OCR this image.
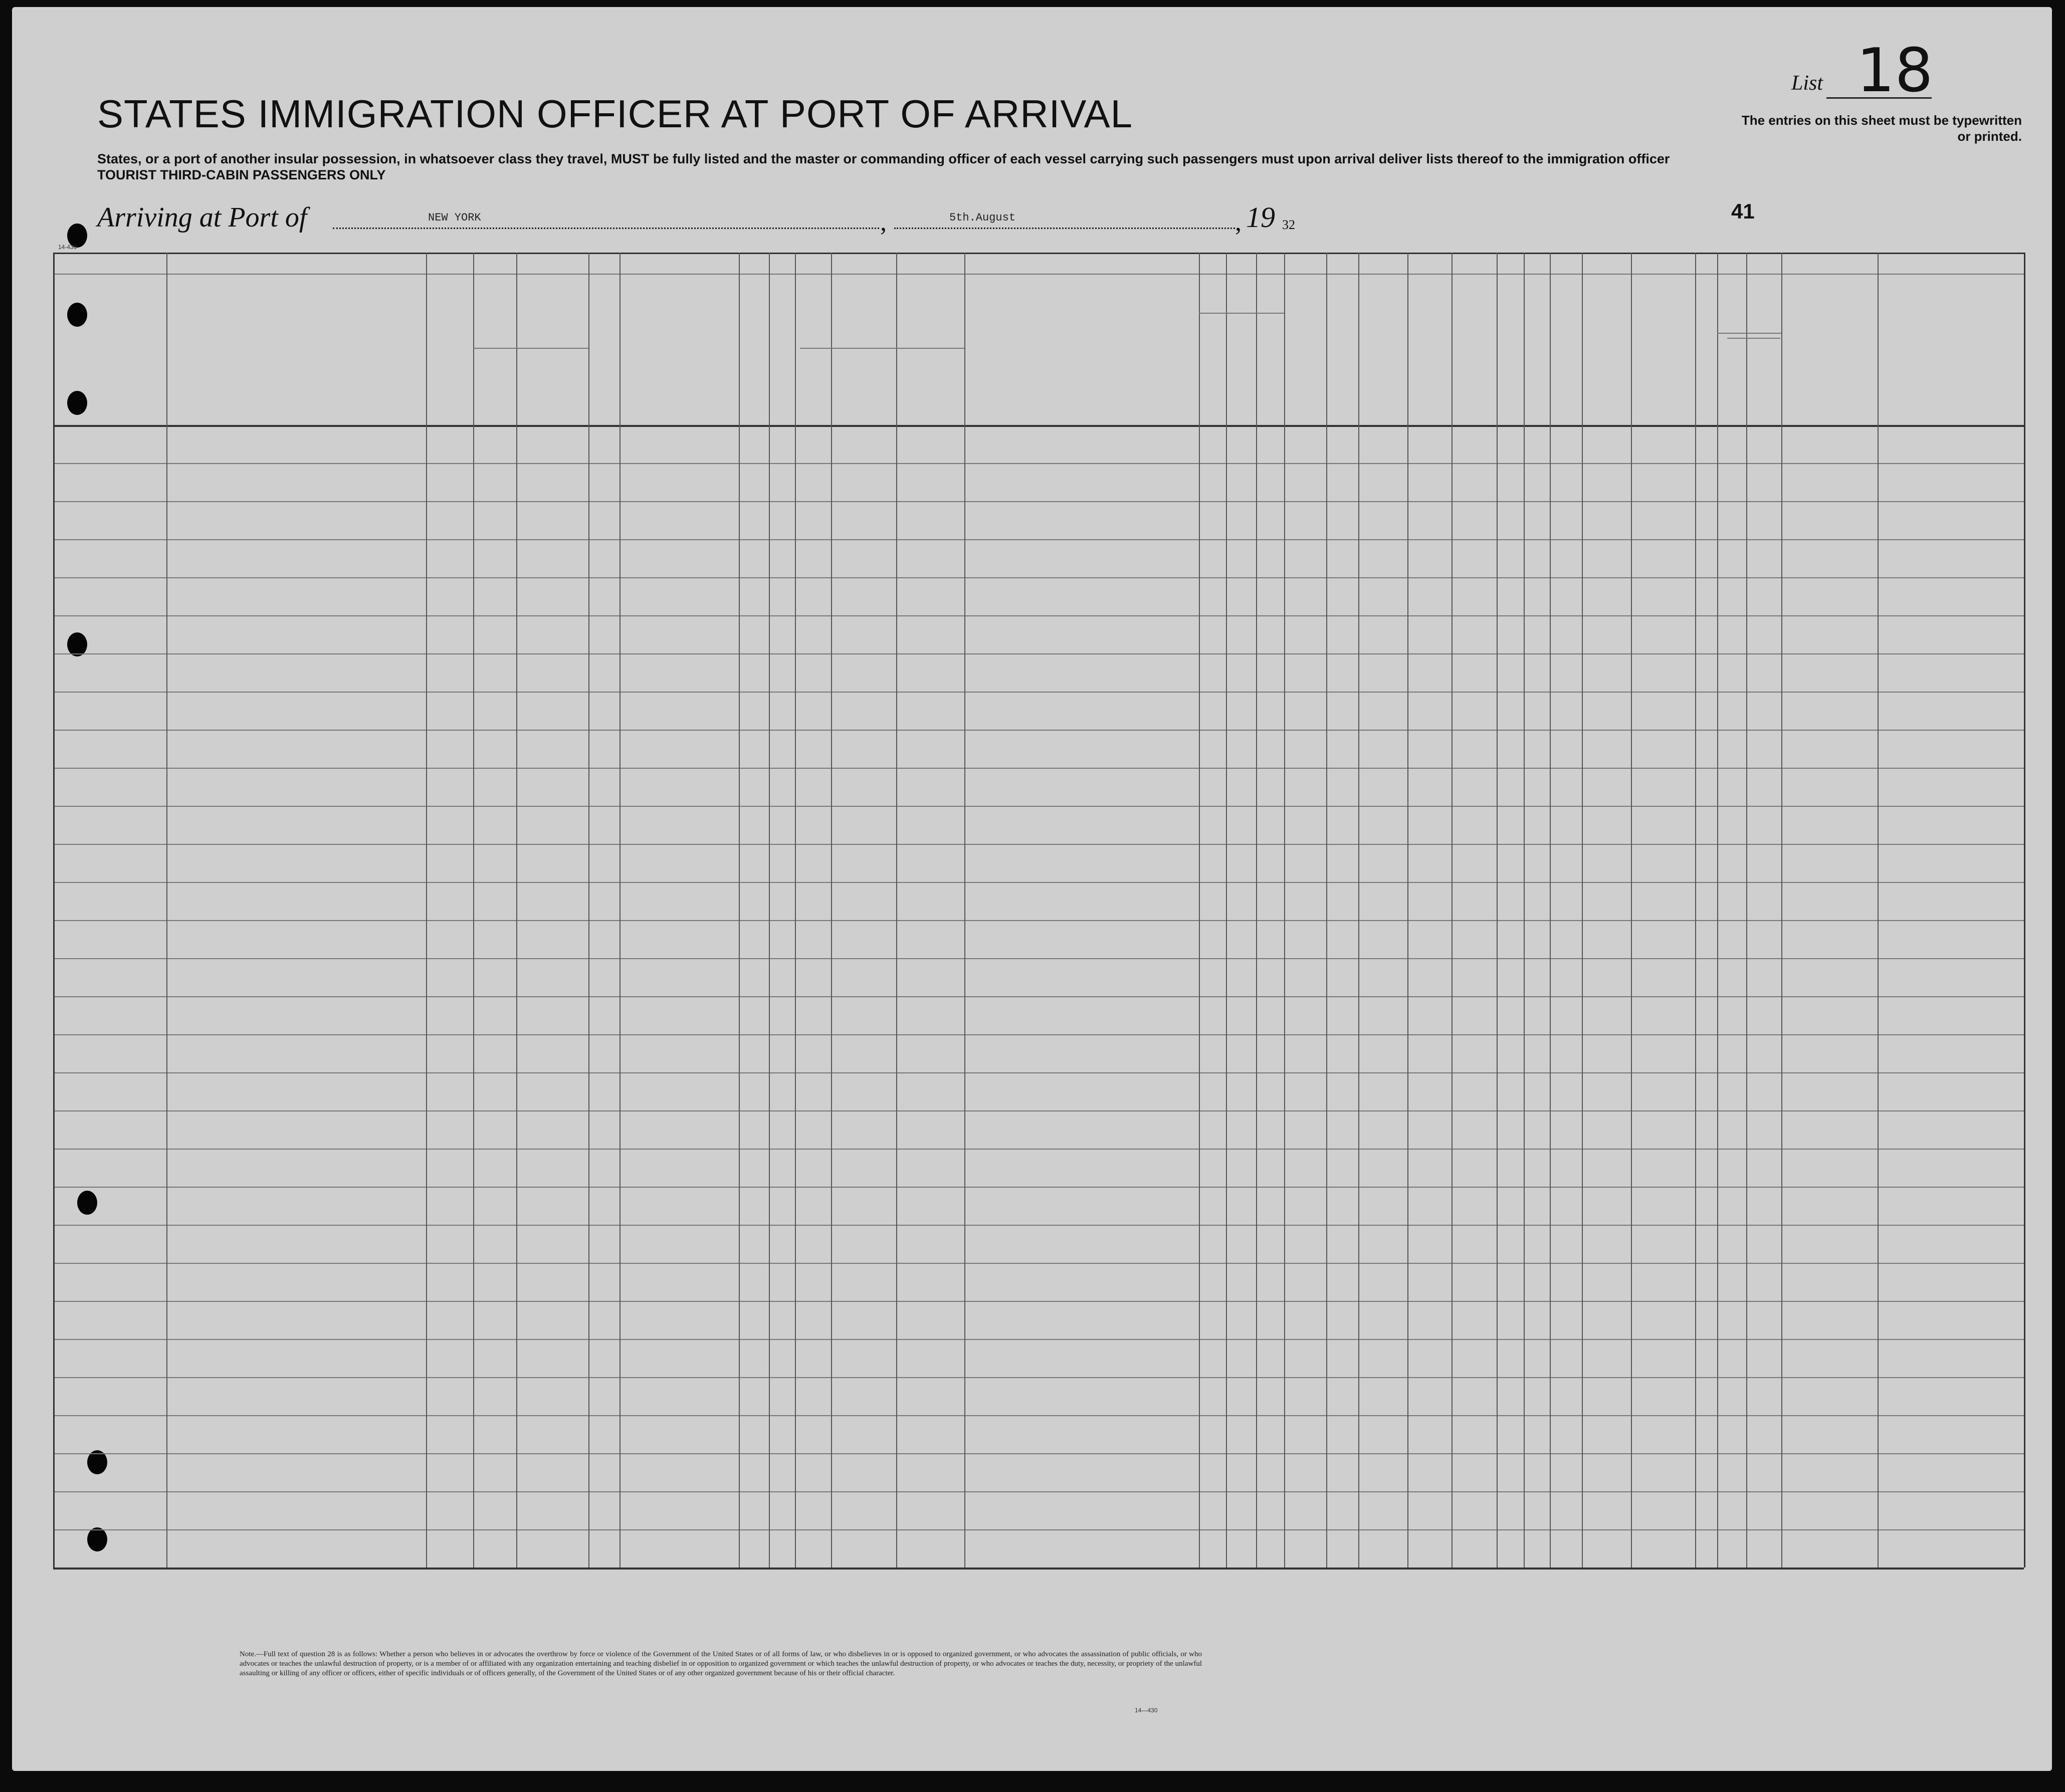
STATES IMMIGRATION OFFICER AT PORT OF ARRIVAL
States, or a port of another insular possession, in whatsoever class they travel, MUST be fully listed and the master or commanding officer of each vessel carrying such passengers must upon arrival deliver lists thereof to the immigration officer
TOURIST THIRD-CABIN PASSENGERS ONLY
List 18
The entries on this sheet must be typewritten or printed.
Arriving at Port of	NEW YORK	,	5th.August	, 19 32
41
14-430
Note.—Full text of question 28 is as follows: Whether a person who believes in or advocates the overthrow by force or violence of the Government of the United States or of all forms of law, or who disbelieves in or is opposed to organized government, or who advocates the assassination of public officials, or who advocates or teaches the unlawful destruction of property, or is a member of or affiliated with any organization entertaining and teaching disbelief in or opposition to organized government or which teaches the unlawful destruction of property, or who advocates or teaches the duty, necessity, or propriety of the unlawful assaulting or killing of any officer or officers, either of specific individuals or of officers generally, of the Government of the United States or of any other organized government because of his or their official character.
14—430
